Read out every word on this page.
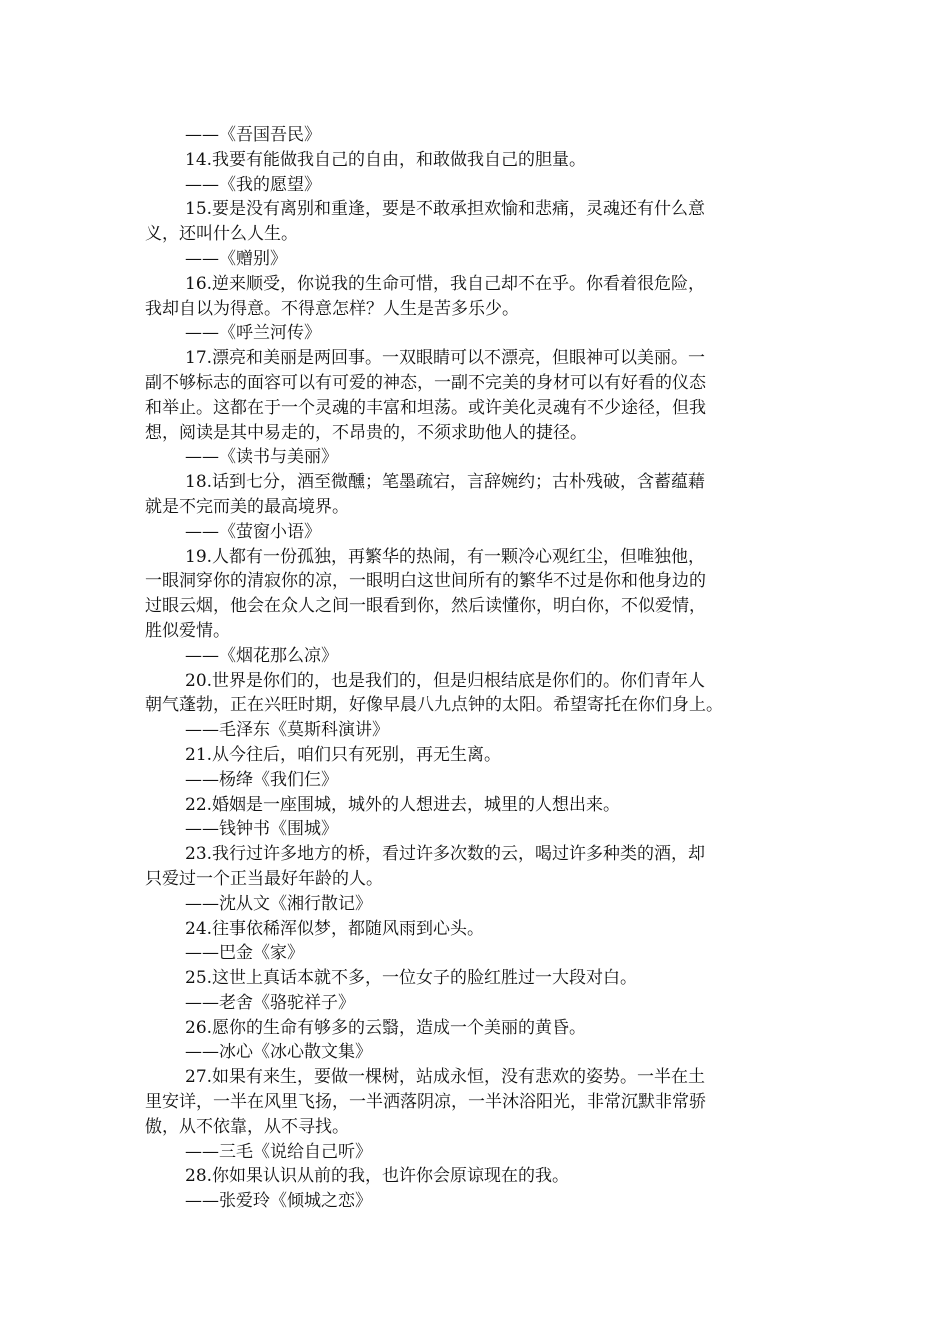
——《吾国吾民》
14.我要有能做我自己的自由，和敢做我自己的胆量。
——《我的愿望》
15.要是没有离别和重逢，要是不敢承担欢愉和悲痛，灵魂还有什么意
义，还叫什么人生。
——《赠别》
16.逆来顺受，你说我的生命可惜，我自己却不在乎。你看着很危险，
我却自以为得意。不得意怎样？人生是苦多乐少。
——《呼兰河传》
17.漂亮和美丽是两回事。一双眼睛可以不漂亮，但眼神可以美丽。一
副不够标志的面容可以有可爱的神态，一副不完美的身材可以有好看的仪态
和举止。这都在于一个灵魂的丰富和坦荡。或许美化灵魂有不少途径，但我
想，阅读是其中易走的，不昂贵的，不须求助他人的捷径。
——《读书与美丽》
18.话到七分，酒至微醺；笔墨疏宕，言辞婉约；古朴残破，含蓄蕴藉
就是不完而美的最高境界。
——《萤窗小语》
19.人都有一份孤独，再繁华的热闹，有一颗冷心观红尘，但唯独他，
一眼洞穿你的清寂你的凉，一眼明白这世间所有的繁华不过是你和他身边的
过眼云烟，他会在众人之间一眼看到你，然后读懂你，明白你，不似爱情，
胜似爱情。
——《烟花那么凉》
20.世界是你们的，也是我们的，但是归根结底是你们的。你们青年人
朝气蓬勃，正在兴旺时期，好像早晨八九点钟的太阳。希望寄托在你们身上。
——毛泽东《莫斯科演讲》
21.从今往后，咱们只有死别，再无生离。
——杨绛《我们仨》
22.婚姻是一座围城，城外的人想进去，城里的人想出来。
——钱钟书《围城》
23.我行过许多地方的桥，看过许多次数的云，喝过许多种类的酒，却
只爱过一个正当最好年龄的人。
——沈从文《湘行散记》
24.往事依稀浑似梦，都随风雨到心头。
——巴金《家》
25.这世上真话本就不多，一位女子的脸红胜过一大段对白。
——老舍《骆驼祥子》
26.愿你的生命有够多的云翳，造成一个美丽的黄昏。
——冰心《冰心散文集》
27.如果有来生，要做一棵树，站成永恒，没有悲欢的姿势。一半在土
里安详，一半在风里飞扬，一半洒落阴凉，一半沐浴阳光，非常沉默非常骄
傲，从不依靠，从不寻找。
——三毛《说给自己听》
28.你如果认识从前的我，也许你会原谅现在的我。
——张爱玲《倾城之恋》
